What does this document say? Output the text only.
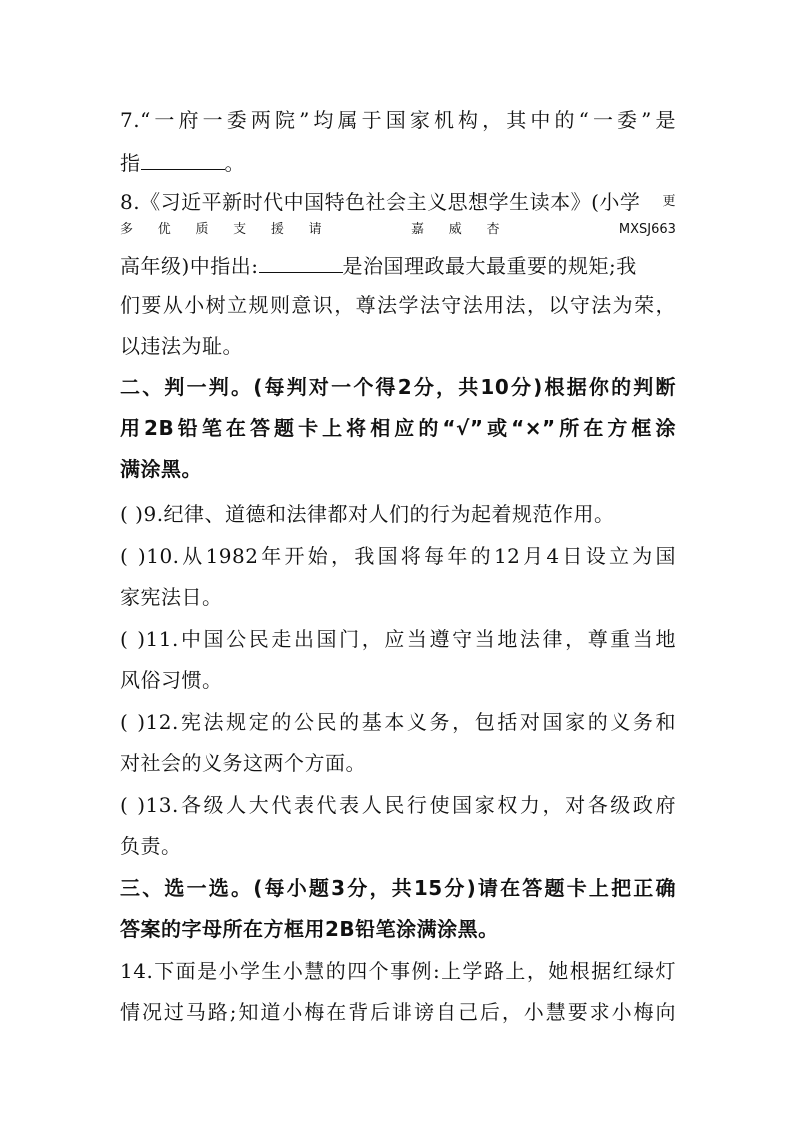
7.“一府一委两院”均属于国家机构，其中的“一委”是
指	。
8.《习近平新时代中国特色社会主义思想学生读本》(小学 更
多 优 质 支 援 请	嘉 威 杏	MXSJ663
高年级)中指出:	是治国理政最大最重要的规矩;我
们要从小树立规则意识，尊法学法守法用法，以守法为荣，
以违法为耻。
二、判一判。(每判对一个得2分，共10分)根据你的判断
用2B铅笔在答题卡上将相应的“√”或“×”所在方框涂
满涂黑。
( )9.纪律、道德和法律都对人们的行为起着规范作用。
( )10.从1982年开始，我国将每年的12月4日设立为国
家宪法日。
( )11.中国公民走出国门，应当遵守当地法律，尊重当地
风俗习惯。
( )12.宪法规定的公民的基本义务，包括对国家的义务和
对社会的义务这两个方面。
( )13.各级人大代表代表人民行使国家权力，对各级政府
负责。
三、选一选。(每小题3分，共15分)请在答题卡上把正确
答案的字母所在方框用2B铅笔涂满涂黑。
14.下面是小学生小慧的四个事例:上学路上，她根据红绿灯
情况过马路;知道小梅在背后诽谤自己后，小慧要求小梅向
